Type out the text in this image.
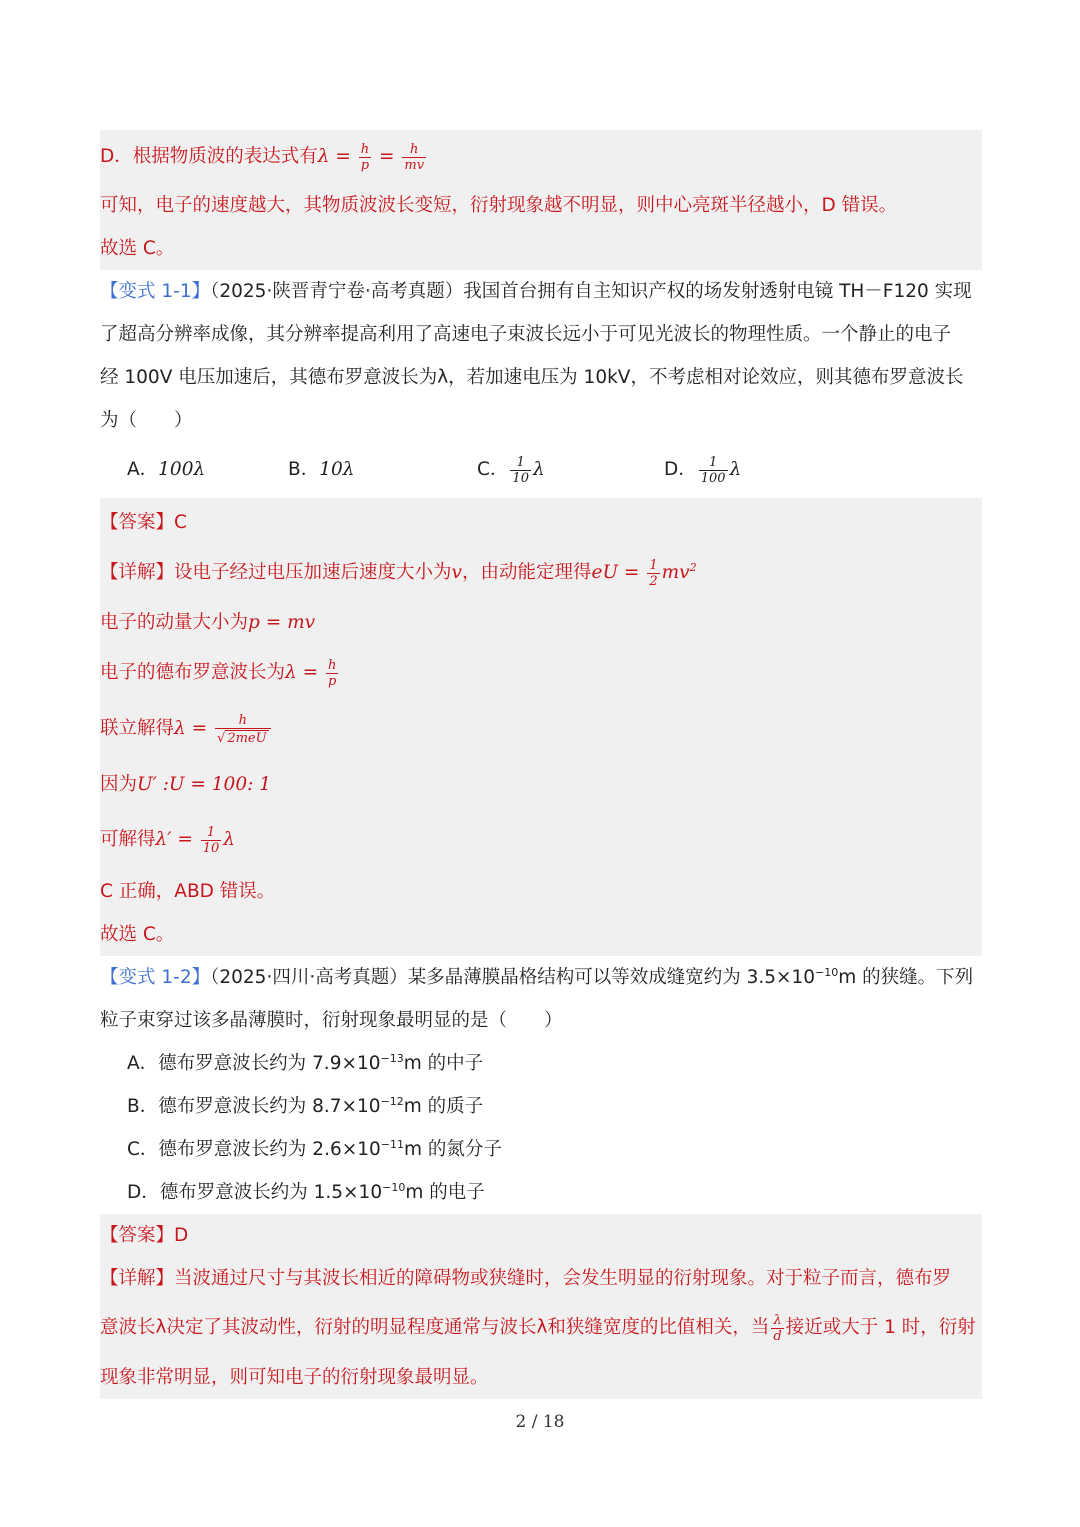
D．根据物质波的表达式有$\lambda = \frac{h}{p} = \frac{h}{mv}$
可知，电子的速度越大，其物质波波长变短，衍射现象越不明显，则中心亮斑半径越小，D 错误。
故选 C。
【变式 1-1】（2025·陕晋青宁卷·高考真题）我国首台拥有自主知识产权的场发射透射电镜 TH－F120 实现
了超高分辨率成像，其分辨率提高利用了高速电子束波长远小于可见光波长的物理性质。一个静止的电子
经 100V 电压加速后，其德布罗意波长为λ，若加速电压为 10kV，不考虑相对论效应，则其德布罗意波长
为（　　）
A．100λ	B．10λ	C． $\frac{1}{10}$ λ	D． $\frac{1}{100}$ λ
【答案】C
【详解】设电子经过电压加速后速度大小为v，由动能定理得eU = $\frac{1}{2} mv^2$
电子的动量大小为p = mv
电子的德布罗意波长为$\lambda = \frac{h}{p}$
联立解得$\lambda = \frac{h}{\text{√ 2meU}}$
因为U′ :U = 100: 1
可解得$\lambda' = \frac{1}{10}$ λ
C 正确，ABD 错误。
故选 C。
【变式 1-2】（2025·四川·高考真题）某多晶薄膜晶格结构可以等效成缝宽约为 $3.5\times 10^{-10}m$ 的狭缝。下列
粒子束穿过该多晶薄膜时，衍射现象最明显的是（　　）
A．德布罗意波长约为 $7.9\times 10^{-13}m$ 的中子
B．德布罗意波长约为 $8.7\times 10^{-12}m$ 的质子
C．德布罗意波长约为 $2.6\times 10^{-11}m$ 的氮分子
D．德布罗意波长约为 $1.5\times 10^{-10}m$ 的电子
【答案】D
【详解】当波通过尺寸与其波长相近的障碍物或狭缝时，会发生明显的衍射现象。对于粒子而言，德布罗
意波长λ决定了其波动性，衍射的明显程度通常与波长λ和狭缝宽度的比值相关，当 $\frac{\lambda}{d}$ 接近或大于 1 时，衍射
现象非常明显，则可知电子的衍射现象最明显。
2 / 18
